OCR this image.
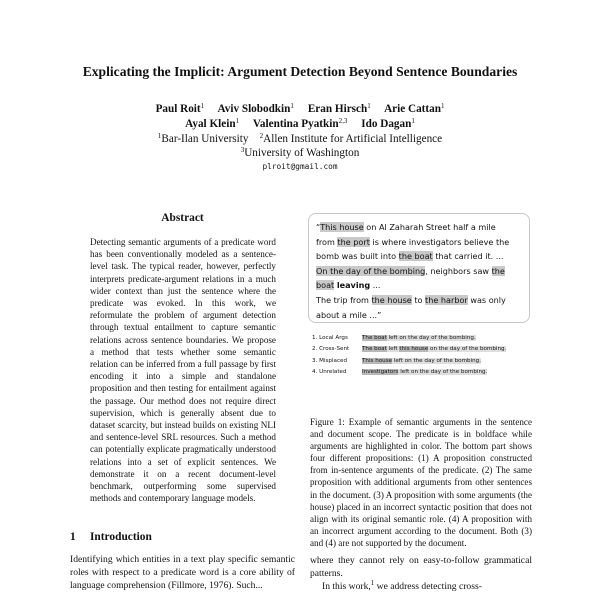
Explicating the Implicit: Argument Detection Beyond Sentence Boundaries
Paul Roit$^1$ Aviv Slobodkin$^1$ Eran Hirsch$^1$ Arie Cattan$^1$
Ayal Klein$^1$ Valentina Pyatkin$^{2,3}$ Ido Dagan$^1$
$^1$Bar-Ilan University $^2$Allen Institute for Artificial Intelligence
$^3$University of Washington
plroit@gmail.com
Abstract
Detecting semantic arguments of a predicate word has been conventionally modeled as a sentence-level task. The typical reader, however, perfectly interprets predicate-argument relations in a much wider context than just the sentence where the predicate was evoked. In this work, we reformulate the problem of argument detection through textual entailment to capture semantic relations across sentence boundaries. We propose a method that tests whether some semantic relation can be inferred from a full passage by first encoding it into a simple and standalone proposition and then testing for entailment against the passage. Our method does not require direct supervision, which is generally absent due to dataset scarcity, but instead builds on existing NLI and sentence-level SRL resources. Such a method can potentially explicate pragmatically understood relations into a set of explicit sentences. We demonstrate it on a recent document-level benchmark, outperforming some supervised methods and contemporary language models.
1 Introduction
Identifying which entities in a text play specific semantic roles with respect to a predicate word is a core ability of language comprehension (Fillmore, 1976). Such...
“This house on Al Zaharah Street half a mile
from the port is where investigators believe the
bomb was built into the boat that carried it. ...
On the day of the bombing, neighbors saw the
boat leaving ...
The trip from the house to the harbor was only
about a mile ...”
1. Local Args	The boat left on the day of the bombing.
2. Cross-Sent The boat left this house on the day of the bombing.
3. Misplaced	This house left on the day of the bombing.
4. Unrelated	Investigators left on the day of the bombing.
Figure 1: Example of semantic arguments in the sentence and document scope. The predicate is in boldface while arguments are highlighted in color. The bottom part shows four different propositions: (1) A proposition constructed from in-sentence arguments of the predicate. (2) The same proposition with additional arguments from other sentences in the document. (3) A proposition with some arguments (the house) placed in an incorrect syntactic position that does not align with its original semantic role. (4) A proposition with an incorrect argument according to the document. Both (3) and (4) are not supported by the document.
where they cannot rely on easy-to-follow grammatical patterns.
In this work,$^1$ we address detecting cross-
